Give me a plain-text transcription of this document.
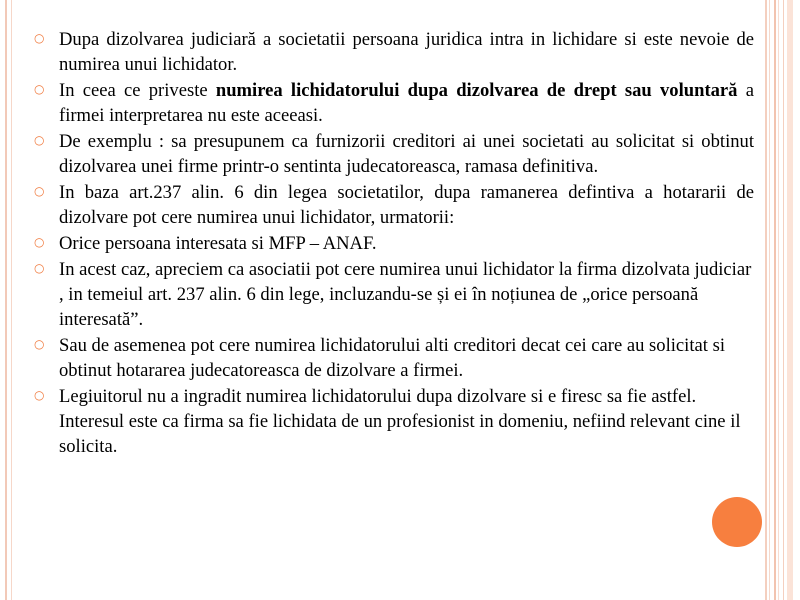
○ Dupa dizolvarea judiciară a societatii persoana juridica intra in lichidare si este nevoie de numirea unui lichidator.
○ In ceea ce priveste numirea lichidatorului dupa dizolvarea de drept sau voluntară a firmei interpretarea nu este aceeasi.
○ De exemplu : sa presupunem ca furnizorii creditori ai unei societati au solicitat si obtinut dizolvarea unei firme printr-o sentinta judecatoreasca, ramasa definitiva.
○ In baza art.237 alin. 6 din legea societatilor, dupa ramanerea defintiva a hotararii de dizolvare pot cere numirea unui lichidator, urmatorii:
○ Orice persoana interesata si MFP – ANAF.
○ In acest caz, apreciem ca asociatii pot cere numirea unui lichidator la firma dizolvata judiciar , in temeiul art. 237 alin. 6 din lege, incluzandu-se și ei în noțiunea de „orice persoană interesată”.
○ Sau de asemenea pot cere numirea lichidatorului alti creditori decat cei care au solicitat si obtinut hotararea judecatoreasca de dizolvare a firmei.
○ Legiuitorul nu a ingradit numirea lichidatorului dupa dizolvare si e firesc sa fie astfel. Interesul este ca firma sa fie lichidata de un profesionist in domeniu, nefiind relevant cine il solicita.
